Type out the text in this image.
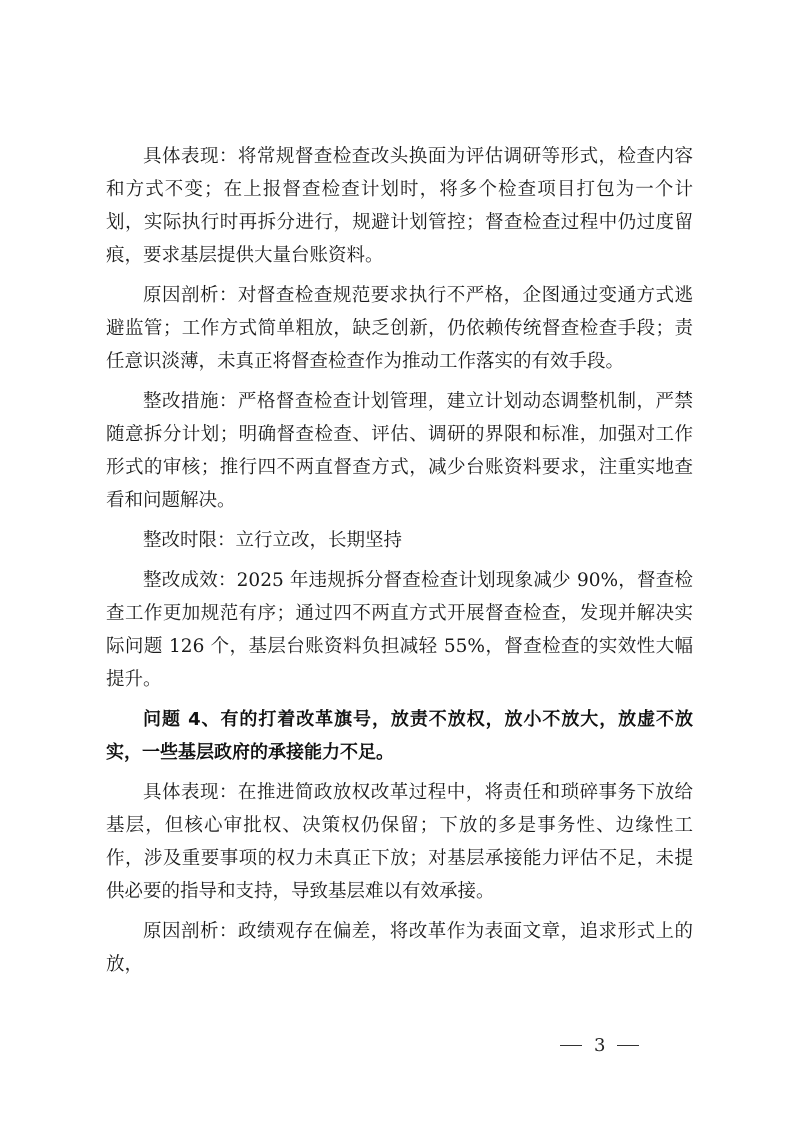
具体表现：将常规督查检查改头换面为评估调研等形式，检查内容和方式不变；在上报督查检查计划时，将多个检查项目打包为一个计划，实际执行时再拆分进行，规避计划管控；督查检查过程中仍过度留痕，要求基层提供大量台账资料。

原因剖析：对督查检查规范要求执行不严格，企图通过变通方式逃避监管；工作方式简单粗放，缺乏创新，仍依赖传统督查检查手段；责任意识淡薄，未真正将督查检查作为推动工作落实的有效手段。

整改措施：严格督查检查计划管理，建立计划动态调整机制，严禁随意拆分计划；明确督查检查、评估、调研的界限和标准，加强对工作形式的审核；推行四不两直督查方式，减少台账资料要求，注重实地查看和问题解决。

整改时限：立行立改，长期坚持

整改成效：2025 年违规拆分督查检查计划现象减少 90%，督查检查工作更加规范有序；通过四不两直方式开展督查检查，发现并解决实际问题 126 个，基层台账资料负担减轻 55%，督查检查的实效性大幅提升。

问题 4、有的打着改革旗号，放责不放权，放小不放大，放虚不放实，一些基层政府的承接能力不足。

具体表现：在推进简政放权改革过程中，将责任和琐碎事务下放给基层，但核心审批权、决策权仍保留；下放的多是事务性、边缘性工作，涉及重要事项的权力未真正下放；对基层承接能力评估不足，未提供必要的指导和支持，导致基层难以有效承接。

原因剖析：政绩观存在偏差，将改革作为表面文章，追求形式上的放，

3
